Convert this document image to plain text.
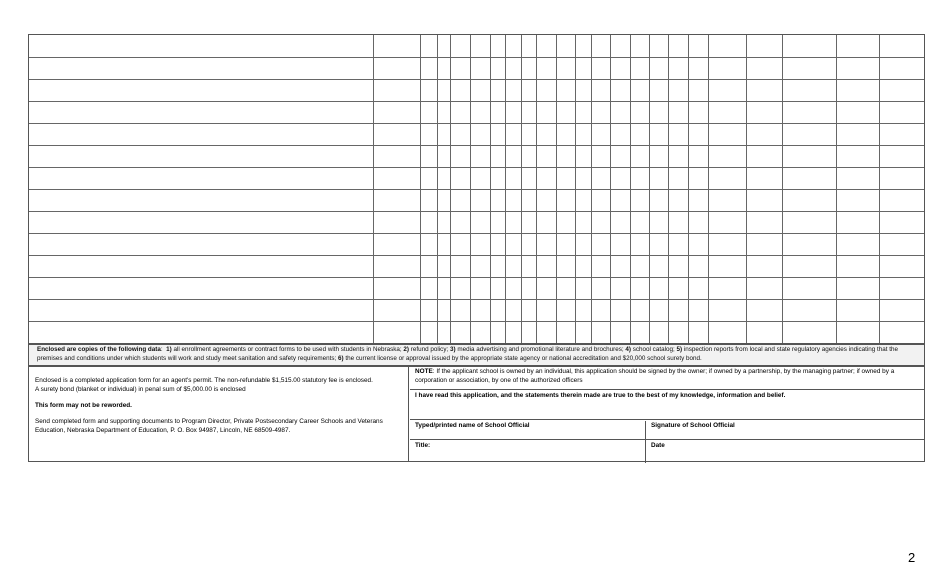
Enclosed are copies of the following data:  1) all enrollment agreements or contract forms to be used with students in Nebraska; 2) refund policy; 3) media advertising and promotional literature and brochures; 4) school catalog; 5) inspection reports from local and state regulatory agencies indicating that the premises and conditions under which students will work and study meet sanitation and safety requirements; 6) the current license or approval issued by the appropriate state agency or national accreditation and $20,000 school surety bond.

Enclosed is a completed application form for an agent's permit. The non-refundable $1,515.00 statutory fee is enclosed.
A surety bond (blanket or individual) in penal sum of $5,000.00 is enclosed

This form may not be reworded.

Send completed form and supporting documents to Program Director, Private Postsecondary Career Schools and Veterans Education, Nebraska Department of Education, P. O. Box 94987, Lincoln, NE 68509-4987.

NOTE: If the applicant school is owned by an individual, this application should be signed by the owner; if owned by a partnership, by the managing partner; if owned by a corporation or association, by one of the authorized officers
I have read this application, and the statements therein made are true to the best of my knowledge, information and belief.
Typed/printed name of School Official	Signature of School Official
Title:	Date
2
